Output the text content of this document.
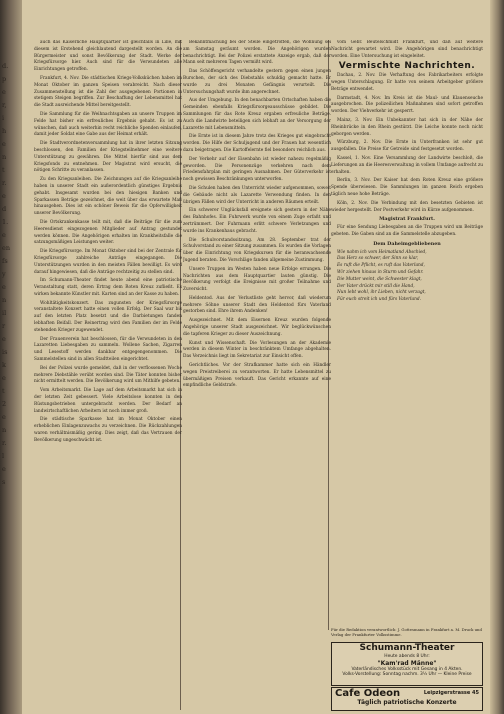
d.
p
e
r,
i
h
e
n
t
r.
e
d
1.
e
en
fs
y
e
n
il
r
e
is
k
e
t
2
e
n
r.
l
e
s

auch das Kaiserliche Hauptquartier ist gleichfalls in Lille, mit diesem ist Erstehend gleichlautend dargestellt worden. An die Bürgermeister und sonst Bevölkerung der Stadt. Werke der Kriegsfürsorge hier. Auch sind für die Verwundeten alle Einrichtungen getroffen.

Frankfurt, 4. Nov. Die städtischen Kriegs-Volksküchen haben im Monat Oktober im ganzen Speisen verabreicht. Nach dieser Zusammenstellung ist die Zahl der ausgegebenen Portionen in stetigem Steigen begriffen. Zur Beschaffung der Lebensmittel hat die Stadt ausreichende Mittel bereitgestellt.

Die Sammlung für die Weihnachtsgaben an unsere Truppen im Felde hat bisher ein erfreuliches Ergebnis gehabt. Es ist zu wünschen, daß auch weiterhin recht reichliche Spenden einlaufen, damit jeder Soldat eine Gabe aus der Heimat erhält.

Die Stadtverordnetenversammlung hat in ihrer letzten Sitzung beschlossen, den Familien der Kriegsteilnehmer eine weitere Unterstützung zu gewähren. Die Mittel hierfür sind aus dem Kriegsfonds zu entnehmen. Der Magistrat wird ersucht, die nötigen Schritte zu veranlassen.

Zu den Kriegsanleihen. Die Zeichnungen auf die Kriegsanleihe haben in unserer Stadt ein außerordentlich günstiges Ergebnis gehabt. Insgesamt wurden bei den hiesigen Banken und Sparkassen Beträge gezeichnet, die weit über das erwartete Maß hinausgehen. Dies ist ein schöner Beweis für die Opferwilligkeit unserer Bevölkerung.

Die Ortskrankenkasse teilt mit, daß die Beiträge für die zum Heeresdienst eingezogenen Mitglieder auf Antrag gestundet werden können. Die Angehörigen erhalten im Krankheitsfalle die satzungsmäßigen Leistungen weiter.

Die Kriegsfürsorge. Im Monat Oktober sind bei der Zentrale für Kriegsfürsorge zahlreiche Anträge eingegangen. Die Unterstützungen wurden in den meisten Fällen bewilligt. Es wird darauf hingewiesen, daß die Anträge rechtzeitig zu stellen sind.

Im Schumann-Theater findet heute abend eine patriotische Veranstaltung statt, deren Ertrag dem Roten Kreuz zufließt. Es wirken bekannte Künstler mit. Karten sind an der Kasse zu haben.

Wohltätigkeitskonzert. Das zugunsten der Kriegsfürsorge veranstaltete Konzert hatte einen vollen Erfolg. Der Saal war bis auf den letzten Platz besetzt und die Darbietungen fanden lebhaften Beifall. Der Reinertrag wird den Familien der im Felde stehenden Krieger zugewendet.

Der Frauenverein hat beschlossen, für die Verwundeten in den Lazaretten Liebesgaben zu sammeln. Wollene Sachen, Zigarren und Lesestoff werden dankbar entgegengenommen. Die Sammelstellen sind in allen Stadtteilen eingerichtet.

Bei der Polizei wurde gemeldet, daß in der verflossenen Woche mehrere Diebstähle verübt worden sind. Die Täter konnten bisher nicht ermittelt werden. Die Bevölkerung wird um Mithilfe gebeten.

Vom Arbeitsmarkt. Die Lage auf dem Arbeitsmarkt hat sich in der letzten Zeit gebessert. Viele Arbeitslose konnten in den Rüstungsbetrieben untergebracht werden. Der Bedarf an landwirtschaftlichen Arbeitern ist noch immer groß.

Die städtische Sparkasse hat im Monat Oktober einen erheblichen Einlagenzuwachs zu verzeichnen. Die Rückzahlungen waren verhältnismäßig gering. Dies zeigt, daß das Vertrauen der Bevölkerung ungeschwächt ist.

Bekanntmachung bei der Stelle eingetroffen, die Wohnung sei am Samstag geräumt worden. Die Angehörigen wurden benachrichtigt. Bei der Polizei erstattete Anzeige ergab, daß der Mann seit mehreren Tagen vermißt wird.

Das Schöffengericht verhandelte gestern gegen einen jungen Burschen, der sich des Diebstahls schuldig gemacht hatte. Er wurde zu drei Monaten Gefängnis verurteilt. Die Untersuchungshaft wurde ihm angerechnet.

Aus der Umgebung. In den benachbarten Ortschaften haben die Gemeinden ebenfalls Kriegsfürsorgeausschüsse gebildet. Die Sammlungen für das Rote Kreuz ergaben erfreuliche Beträge. Auch die Landwirte beteiligen sich lebhaft an der Versorgung der Lazarette mit Lebensmitteln.

Die Ernte ist in diesem Jahre trotz des Krieges gut eingebracht worden. Die Hilfe der Schuljugend und der Frauen hat wesentlich dazu beigetragen. Die Kartoffelernte fiel besonders reichlich aus.

Der Verkehr auf der Eisenbahn ist wieder nahezu regelmäßig geworden. Die Personenzüge verkehren nach dem Friedensfahrplan mit geringen Ausnahmen. Der Güterverkehr ist noch gewissen Beschränkungen unterworfen.

Die Schulen haben den Unterricht wieder aufgenommen, soweit die Gebäude nicht als Lazarette Verwendung finden. In den übrigen Fällen wird der Unterricht in anderen Räumen erteilt.

Ein schwerer Unglücksfall ereignete sich gestern in der Nähe des Bahnhofes. Ein Fuhrwerk wurde von einem Zuge erfaßt und zertrümmert. Der Fuhrmann erlitt schwere Verletzungen und wurde ins Krankenhaus gebracht.

Die Schulvorstandssitzung. Am 28. September trat der Schulvorstand zu einer Sitzung zusammen. Es wurden die Vorlagen über die Einrichtung von Kriegskursen für die heranwachsende Jugend beraten. Die Vorschläge fanden allgemeine Zustimmung.

Unsere Truppen im Westen haben neue Erfolge errungen. Die Nachrichten aus dem Hauptquartier lauten günstig. Die Bevölkerung verfolgt die Ereignisse mit großer Teilnahme und Zuversicht.

Heldentod. Aus der Verlustliste geht hervor, daß wiederum mehrere Söhne unserer Stadt den Heldentod fürs Vaterland gestorben sind. Ehre ihrem Andenken!

Ausgezeichnet. Mit dem Eisernen Kreuz wurden folgende Angehörige unserer Stadt ausgezeichnet. Wir beglückwünschen die tapferen Krieger zu dieser Auszeichnung.

Kunst und Wissenschaft. Die Vorlesungen an der Akademie werden in diesem Winter in beschränktem Umfange abgehalten. Das Verzeichnis liegt im Sekretariat zur Einsicht offen.

Gerichtliches. Vor der Strafkammer hatte sich ein Händler wegen Preistreiberei zu verantworten. Er hatte Lebensmittel zu übermäßigen Preisen verkauft. Das Gericht erkannte auf eine empfindliche Geldstrafe.

vom Gebr. Beutelschmidt Frankfurt, und daß auf weitere Nachricht gewartet wird. Die Angehörigen sind benachrichtigt worden. Eine Untersuchung ist eingeleitet.

Vermischte Nachrichten.

Dachau, 2. Nov. Die Verhaftung des Fabrikarbeiters erfolgte wegen Unterschlagung. Er hatte von seinem Arbeitgeber größere Beträge entwendet.

Darmstadt, 4. Nov. Im Kreis ist die Maul- und Klauenseuche ausgebrochen. Die polizeilichen Maßnahmen sind sofort getroffen worden. Der Viehverkehr ist gesperrt.

Mainz, 3. Nov. Ein Unbekannter hat sich in der Nähe der Rheinbrücke in den Rhein gestürzt. Die Leiche konnte noch nicht geborgen werden.

Würzburg, 2. Nov. Die Ernte in Unterfranken ist sehr gut ausgefallen. Die Preise für Getreide sind festgesetzt worden.

Kassel, 1. Nov. Eine Versammlung der Landwirte beschloß, die Lieferungen an die Heeresverwaltung in vollem Umfange aufrecht zu erhalten.

Berlin, 3. Nov. Der Kaiser hat dem Roten Kreuz eine größere Spende überwiesen. Die Sammlungen im ganzen Reich ergeben täglich neue hohe Beträge.

Köln, 2. Nov. Die Verbindung mit den besetzten Gebieten ist wieder hergestellt. Der Postverkehr wird in Kürze aufgenommen.

Magistrat Frankfurt.

Für eine Sendung Liebesgaben an die Truppen wird um Beiträge gebeten. Die Gaben sind an die Sammelstelle abzugeben.

Dem Daheimgebliebenen

Wie nahm ich vom Heimatland Abschied,

Das Herz so schwer, der Sinn so klar,

Es ruft die Pflicht, es ruft das Vaterland,

Wir ziehen hinaus in Sturm und Gefahr.

Die Mutter weint, die Schwester klagt,

Der Vater drückt mir still die Hand,

Nun lebt wohl, ihr Lieben, nicht verzagt,

Für euch streit ich und fürs Vaterland.

Für die Redaktion verantwortlich: J. Gottesmann in Frankfurt a. M. Druck und Verlag der Frankfurter Volksstimme.
Schumann-Theater
Heute abends 8 Uhr:
"Kam'rad Männe"
Vaterländisches Volksstück mit Gesang in 4 Akten.
Volks-Vorstellung: Sonntag nachm. 3½ Uhr — Kleine Preise
Cafe Odeon	Leipzigerstrasse 45
Täglich patriotische Konzerte
